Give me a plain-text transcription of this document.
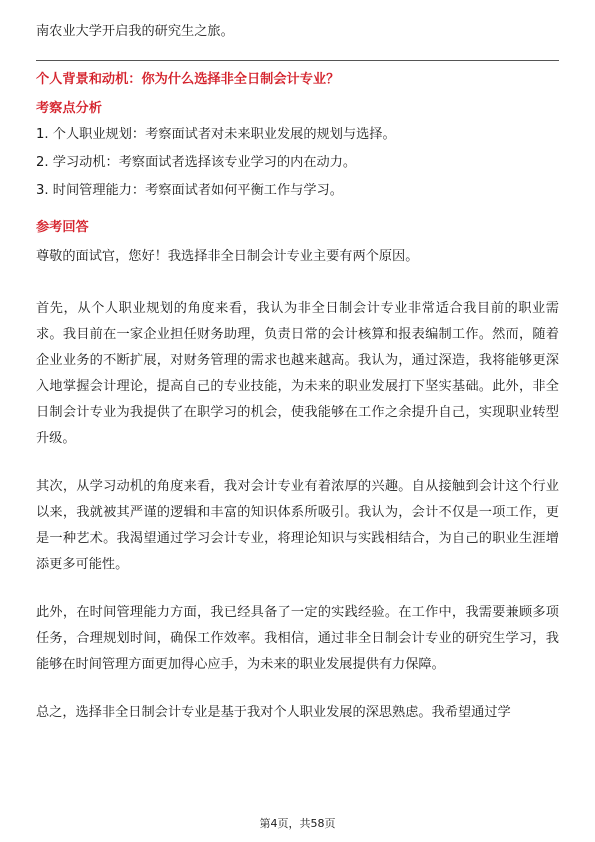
南农业大学开启我的研究生之旅。
个人背景和动机：你为什么选择非全日制会计专业？
考察点分析
1. 个人职业规划：考察面试者对未来职业发展的规划与选择。
2. 学习动机：考察面试者选择该专业学习的内在动力。
3. 时间管理能力：考察面试者如何平衡工作与学习。
参考回答

尊敬的面试官，您好！我选择非全日制会计专业主要有两个原因。

首先，从个人职业规划的角度来看，我认为非全日制会计专业非常适合我目前的职业需求。我目前在一家企业担任财务助理，负责日常的会计核算和报表编制工作。然而，随着企业业务的不断扩展，对财务管理的需求也越来越高。我认为，通过深造，我将能够更深入地掌握会计理论，提高自己的专业技能，为未来的职业发展打下坚实基础。此外，非全日制会计专业为我提供了在职学习的机会，使我能够在工作之余提升自己，实现职业转型升级。

其次，从学习动机的角度来看，我对会计专业有着浓厚的兴趣。自从接触到会计这个行业以来，我就被其严谨的逻辑和丰富的知识体系所吸引。我认为，会计不仅是一项工作，更是一种艺术。我渴望通过学习会计专业，将理论知识与实践相结合，为自己的职业生涯增添更多可能性。

此外，在时间管理能力方面，我已经具备了一定的实践经验。在工作中，我需要兼顾多项任务，合理规划时间，确保工作效率。我相信，通过非全日制会计专业的研究生学习，我能够在时间管理方面更加得心应手，为未来的职业发展提供有力保障。

总之，选择非全日制会计专业是基于我对个人职业发展的深思熟虑。我希望通过学

第4页，共58页
